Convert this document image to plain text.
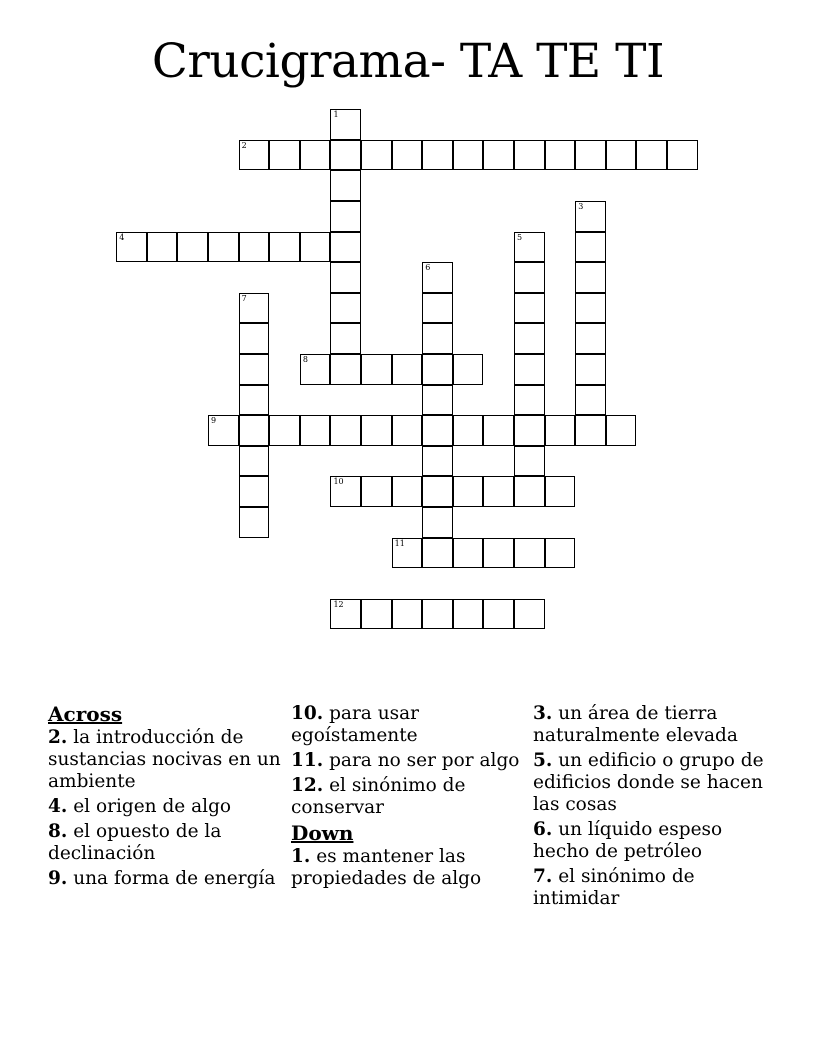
Crucigrama- TA TE TI
1
2
3
4	5
6
7
8
9
10
11
12
Across
2. la introducción de sustancias nocivas en un ambiente
4. el origen de algo
8. el opuesto de la declinación
9. una forma de energía
10. para usar egoístamente
11. para no ser por algo
12. el sinónimo de conservar
Down
1. es mantener las propiedades de algo
3. un área de tierra naturalmente elevada
5. un edificio o grupo de edificios donde se hacen las cosas
6. un líquido espeso hecho de petróleo
7. el sinónimo de intimidar
